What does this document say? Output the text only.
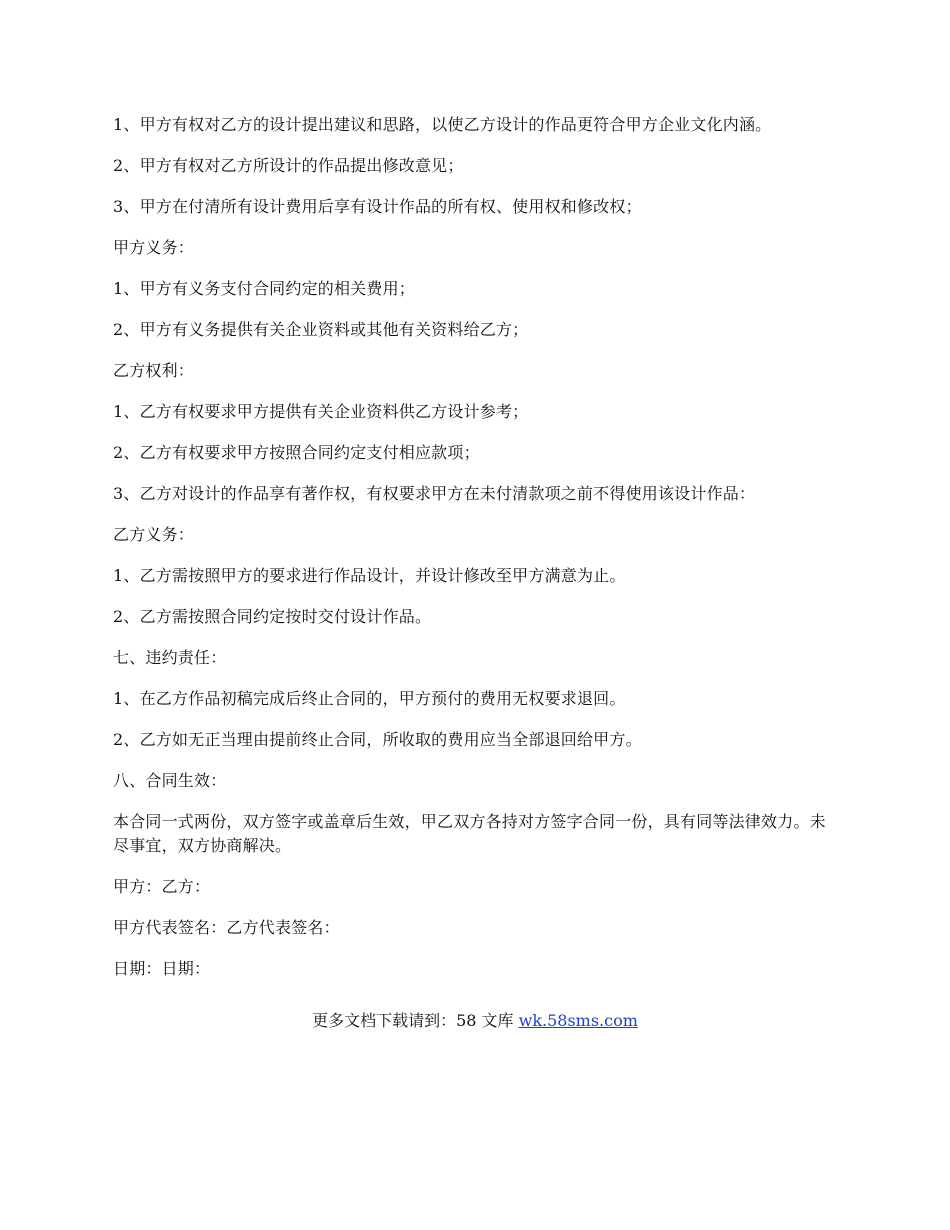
1、甲方有权对乙方的设计提出建议和思路，以使乙方设计的作品更符合甲方企业文化内涵。

2、甲方有权对乙方所设计的作品提出修改意见；

3、甲方在付清所有设计费用后享有设计作品的所有权、使用权和修改权；

甲方义务：

1、甲方有义务支付合同约定的相关费用；

2、甲方有义务提供有关企业资料或其他有关资料给乙方；

乙方权利：

1、乙方有权要求甲方提供有关企业资料供乙方设计参考；

2、乙方有权要求甲方按照合同约定支付相应款项；

3、乙方对设计的作品享有著作权，有权要求甲方在未付清款项之前不得使用该设计作品：

乙方义务：

1、乙方需按照甲方的要求进行作品设计，并设计修改至甲方满意为止。

2、乙方需按照合同约定按时交付设计作品。

七、违约责任：

1、在乙方作品初稿完成后终止合同的，甲方预付的费用无权要求退回。

2、乙方如无正当理由提前终止合同，所收取的费用应当全部退回给甲方。

八、合同生效：

本合同一式两份，双方签字或盖章后生效，甲乙双方各持对方签字合同一份，具有同等法律效力。未尽事宜，双方协商解决。

甲方：乙方：

甲方代表签名：乙方代表签名：

日期：日期：

更多文档下载请到：58 文库 wk.58sms.com
